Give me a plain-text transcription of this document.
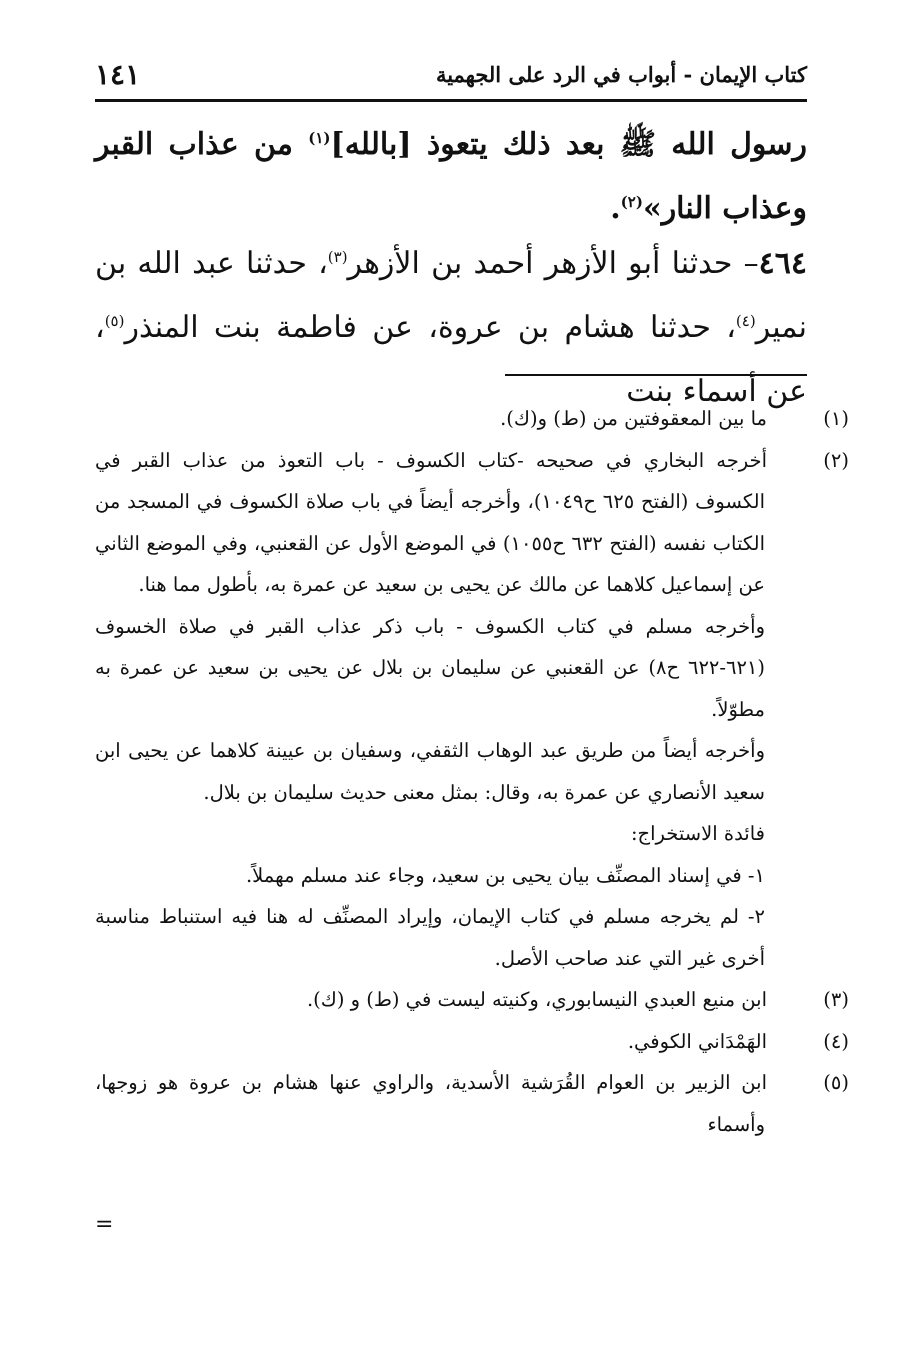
كتاب الإيمان - أبواب في الرد على الجهمية
١٤١

رسول الله ﷺ بعد ذلك يتعوذ [بالله]$^{(١)}$ من عذاب القبر وعذاب النار»$^{(٢)}$.

٤٦٤– حدثنا أبو الأزهر أحمد بن الأزهر$^{(٣)}$، حدثنا عبد الله بن نمير$^{(٤)}$، حدثنا هشام بن عروة، عن فاطمة بنت المنذر$^{(٥)}$، عن أسماء بنت

(١)ما بين المعقوفتين من (ط) و(ك).

(٢)أخرجه البخاري في صحيحه -كتاب الكسوف - باب التعوذ من عذاب القبر في الكسوف (الفتح ٦٢٥ ح١٠٤٩)، وأخرجه أيضاً في باب صلاة الكسوف في المسجد من الكتاب نفسه (الفتح ٦٣٢ ح١٠٥٥) في الموضع الأول عن القعنبي، وفي الموضع الثاني عن إسماعيل كلاهما عن مالك عن يحيى بن سعيد عن عمرة به، بأطول مما هنا.

وأخرجه مسلم في كتاب الكسوف - باب ذكر عذاب القبر في صلاة الخسوف (٦٢١-٦٢٢ ح٨) عن القعنبي عن سليمان بن بلال عن يحيى بن سعيد عن عمرة به مطوّلاً.

وأخرجه أيضاً من طريق عبد الوهاب الثقفي، وسفيان بن عيينة كلاهما عن يحيى ابن سعيد الأنصاري عن عمرة به، وقال: بمثل معنى حديث سليمان بن بلال.

فائدة الاستخراج:

١- في إسناد المصنِّف بيان يحيى بن سعيد، وجاء عند مسلم مهملاً.

٢- لم يخرجه مسلم في كتاب الإيمان، وإيراد المصنِّف له هنا فيه استنباط مناسبة أخرى غير التي عند صاحب الأصل.

(٣)ابن منيع العبدي النيسابوري، وكنيته ليست في (ط) و (ك).

(٤)الهَمْدَاني الكوفي.

(٥)ابن الزبير بن العوام القُرَشية الأسدية، والراوي عنها هشام بن عروة هو زوجها، وأسماء

=
